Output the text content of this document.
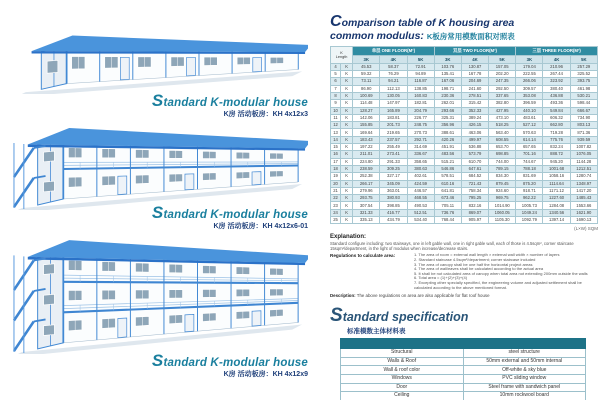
Standard K-modular house
K房 活动板房：KH 4x12x3
Standard K-modular house
K房 活动板房：KH 4x12x6-01
Standard K-modular house
K房 活动板房：KH 4x12x9
Comparison table of K housing area
common modulus: K板房常用模数面积对照表
K
Length		单层 ONE FLOOR(M²)			双层 TWO FLOOR(M²)			三层 THREE FLOOR(M²)		
		3K	4K	5K	3K	4K	5K	3K	4K	5K
4	K	45.53	58.37	72.91	103.76	130.87	157.05	179.04	210.96	257.29
5	K	59.32	76.29	94.89	135.41	167.78	202.20	222.55	267.44	325.52
6	K	73.11	94.21	116.87	167.06	204.69	247.35	266.06	323.92	393.75
7	K	86.90	112.13	138.85	198.71	241.60	292.50	309.57	380.40	461.98
8	K	100.69	130.05	160.83	230.36	278.51	337.65	353.08	436.88	530.21
9	K	114.48	147.97	182.81	262.01	315.42	382.80	396.59	493.36	598.44
10	K	128.27	165.89	204.79	293.66	352.33	427.95	440.10	549.84	666.67
11	K	142.06	183.81	226.77	325.31	389.24	473.10	483.61	606.32	734.90
12	K	155.85	201.73	248.75	356.96	426.15	518.25	527.12	662.80	803.13
13	K	169.64	219.65	270.73	388.61	463.06	563.40	570.63	719.28	871.36
14	K	183.43	237.57	292.71	420.26	499.97	608.55	614.14	775.76	939.59
15	K	197.22	255.49	314.69	451.91	536.88	653.70	657.65	832.24	1007.82
16	K	211.01	273.41	336.67	483.56	573.79	698.85	701.16	888.72	1076.05
17	K	224.80	291.33	358.65	515.21	610.70	744.00	744.67	945.20	1144.28
18	K	238.59	309.25	380.63	546.86	647.61	789.15	788.18	1001.68	1212.51
19	K	252.38	327.17	402.61	578.51	684.52	834.30	831.69	1058.16	1280.74
20	K	266.17	345.09	424.59	610.16	721.43	879.45	875.20	1114.64	1348.97
21	K	279.96	363.01	446.57	641.81	758.34	924.60	918.71	1171.12	1417.20
22	K	293.75	380.93	468.55	673.46	795.25	969.75	962.22	1227.60	1485.43
23	K	307.54	398.85	490.53	705.11	832.16	1014.90	1005.73	1284.08	1553.66
24	K	321.33	416.77	512.51	736.76	869.07	1060.05	1049.24	1340.56	1621.90
25	K	335.13	434.79	534.40	768.44	905.97	1105.30	1092.79	1397.14	1690.13
(L×W) SQM
Explanation:
Standard configure including: two stairways, one in left gable wall, one in right gable wall, each of those is 4.5sqm², corner staircase 15sqm²/department, in the light of modulus when increase/decrease stairs.
Regulations to calculate area:	1. The area of room = external wall length × external wall width × number of layers
2. Standard staircase 4.5sqm²/department; corner staircase included
3. The area of canopy shall be one half the horizontal project areas
4. The area of wall/eaves shall be calculated according to the actual area
5. It shall be not calculated area of canopy when total area not extending 200mm outside the walls
6. Total area = (1)+(2)+(3)+(4)
7. Excepting other specially specified, the engineering volume and adjusted settlement shall be calculated according to the above mentioned format.
Description: The above regulations on area are also applicable for flat roof house
Standard specification
标准模数主体材料表

Structural	steel structure
Walls & Roof	50mm external and 50mm internal
Wall & roof color	Off-white & sky blue
Windows	PVC sliding window
Door	Steel frame with sandwich panel
Ceiling	10mm rockwool board
